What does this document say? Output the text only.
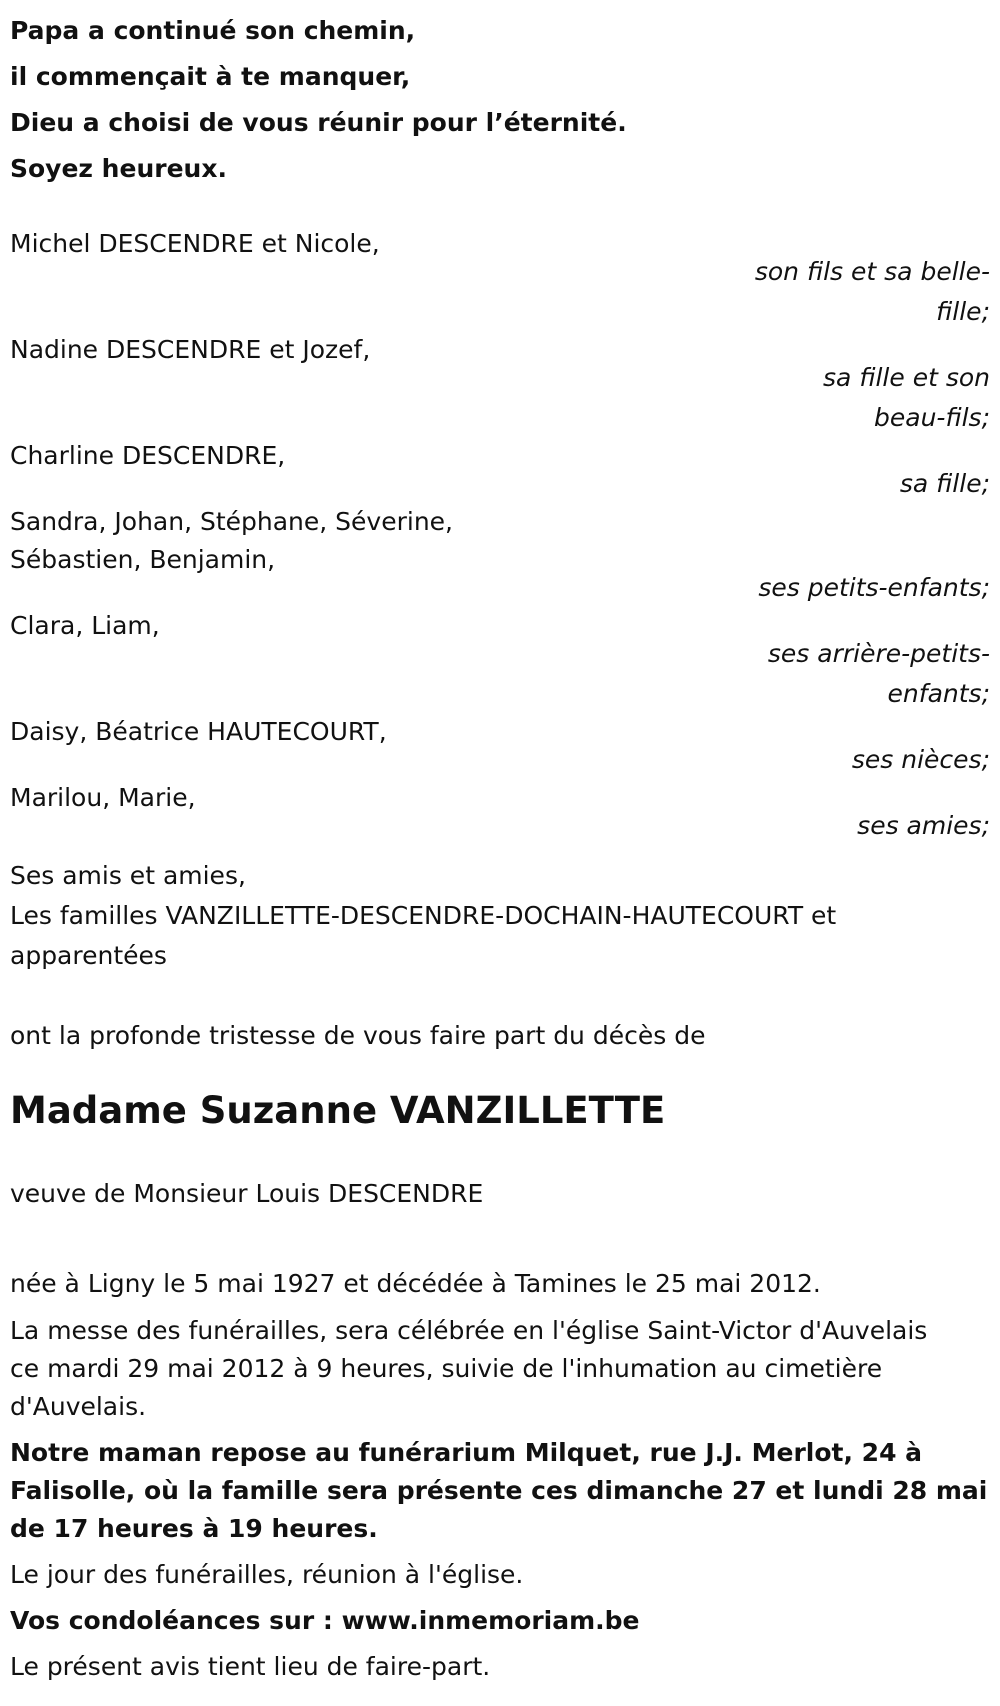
Papa a continué son chemin,
il commençait à te manquer,
Dieu a choisi de vous réunir pour l’éternité.
Soyez heureux.
Michel DESCENDRE et Nicole,
son fils et sa belle-
fille;
Nadine DESCENDRE et Jozef,
sa fille et son
beau-fils;
Charline DESCENDRE,
sa fille;
Sandra, Johan, Stéphane, Séverine,
Sébastien, Benjamin,
ses petits-enfants;
Clara, Liam,
ses arrière-petits-
enfants;
Daisy, Béatrice HAUTECOURT,
ses nièces;
Marilou, Marie,
ses amies;
Ses amis et amies,
Les familles VANZILLETTE-DESCENDRE-DOCHAIN-HAUTECOURT et
apparentées
ont la profonde tristesse de vous faire part du décès de
Madame Suzanne VANZILLETTE
veuve de Monsieur Louis DESCENDRE
née à Ligny le 5 mai 1927 et décédée à Tamines le 25 mai 2012.
La messe des funérailles, sera célébrée en l'église Saint-Victor d'Auvelais
ce mardi 29 mai 2012 à 9 heures, suivie de l'inhumation au cimetière
d'Auvelais.
Notre maman repose au funérarium Milquet, rue J.J. Merlot, 24 à
Falisolle, où la famille sera présente ces dimanche 27 et lundi 28 mai
de 17 heures à 19 heures.
Le jour des funérailles, réunion à l'église.
Vos condoléances sur : www.inmemoriam.be
Le présent avis tient lieu de faire-part.
